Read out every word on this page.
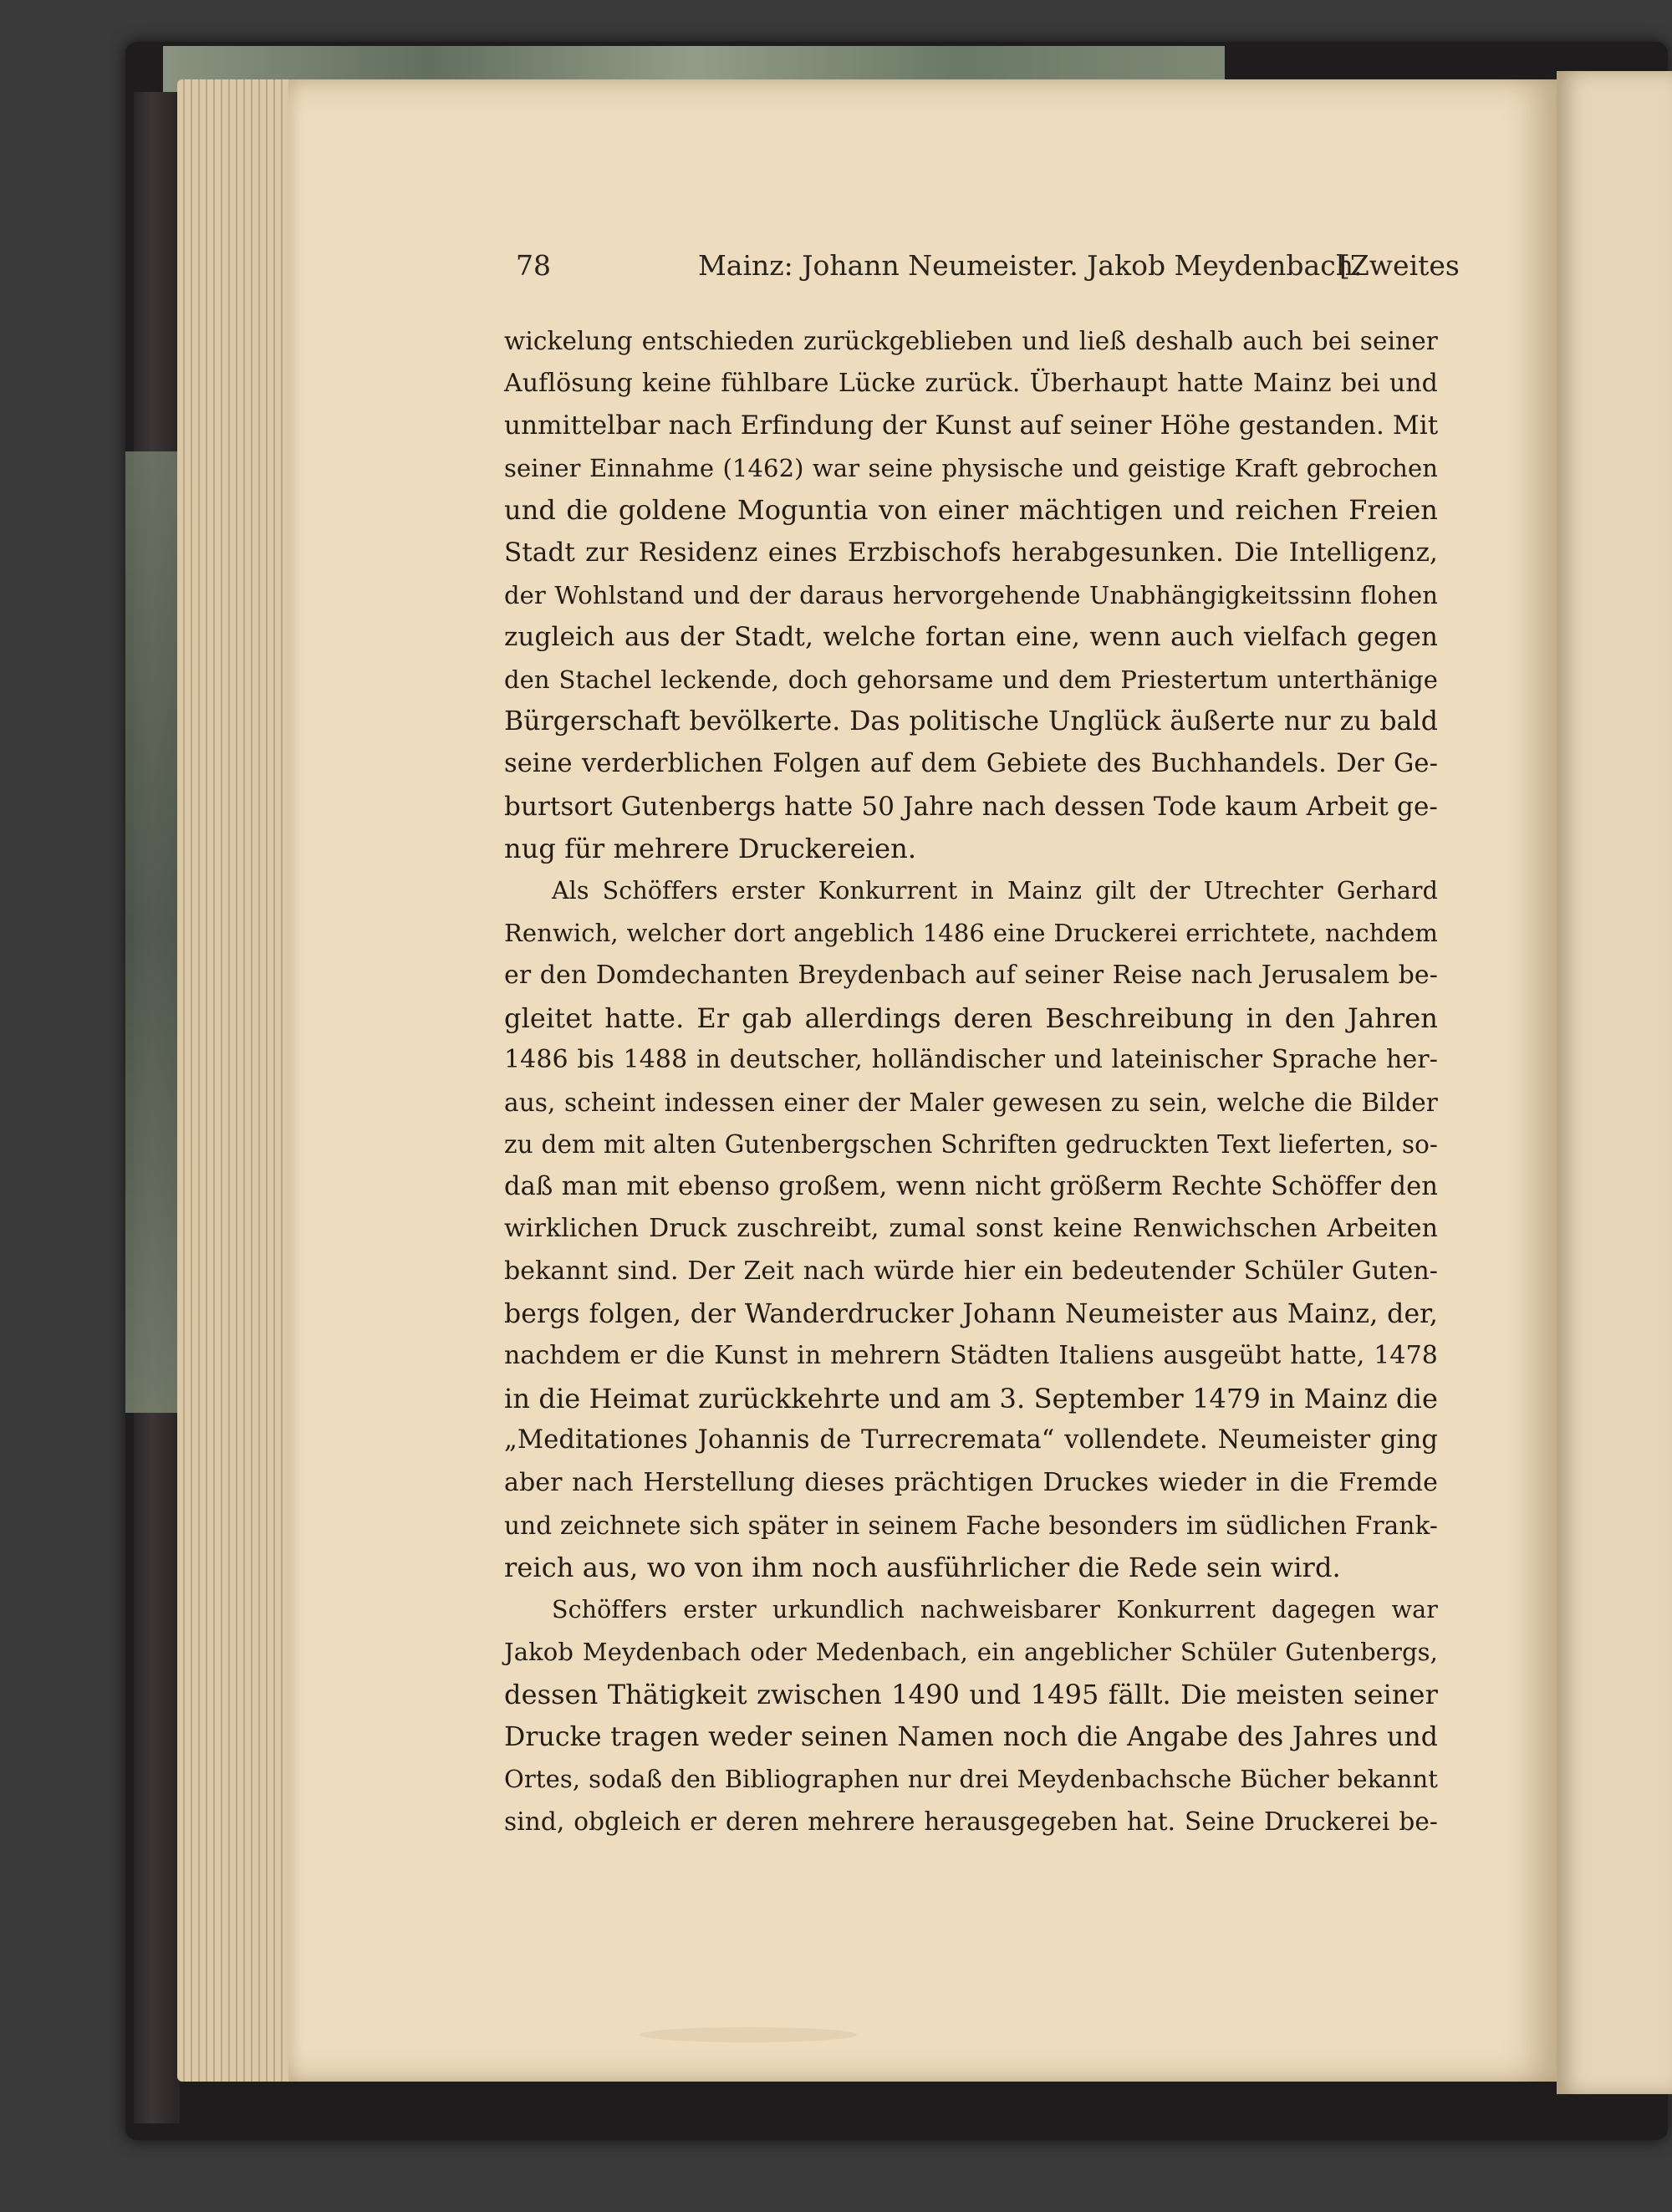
78	Mainz: Johann Neumeister. Jakob Meydenbach.
[Zweites
wickelung entschieden zurückgeblieben und ließ deshalb auch bei seiner
Auflösung keine fühlbare Lücke zurück. Überhaupt hatte Mainz bei und
unmittelbar nach Erfindung der Kunst auf seiner Höhe gestanden. Mit
seiner Einnahme (1462) war seine physische und geistige Kraft gebrochen
und die goldene Moguntia von einer mächtigen und reichen Freien
Stadt zur Residenz eines Erzbischofs herabgesunken. Die Intelligenz,
der Wohlstand und der daraus hervorgehende Unabhängigkeitssinn flohen
zugleich aus der Stadt, welche fortan eine, wenn auch vielfach gegen
den Stachel leckende, doch gehorsame und dem Priestertum unterthänige
Bürgerschaft bevölkerte. Das politische Unglück äußerte nur zu bald
seine verderblichen Folgen auf dem Gebiete des Buchhandels. Der Ge-
burtsort Gutenbergs hatte 50 Jahre nach dessen Tode kaum Arbeit ge-
nug für mehrere Druckereien.
Als Schöffers erster Konkurrent in Mainz gilt der Utrechter Gerhard
Renwich, welcher dort angeblich 1486 eine Druckerei errichtete, nachdem
er den Domdechanten Breydenbach auf seiner Reise nach Jerusalem be-
gleitet hatte. Er gab allerdings deren Beschreibung in den Jahren
1486 bis 1488 in deutscher, holländischer und lateinischer Sprache her-
aus, scheint indessen einer der Maler gewesen zu sein, welche die Bilder
zu dem mit alten Gutenbergschen Schriften gedruckten Text lieferten, so-
daß man mit ebenso großem, wenn nicht größerm Rechte Schöffer den
wirklichen Druck zuschreibt, zumal sonst keine Renwichschen Arbeiten
bekannt sind. Der Zeit nach würde hier ein bedeutender Schüler Guten-
bergs folgen, der Wanderdrucker Johann Neumeister aus Mainz, der,
nachdem er die Kunst in mehrern Städten Italiens ausgeübt hatte, 1478
in die Heimat zurückkehrte und am 3. September 1479 in Mainz die
„Meditationes Johannis de Turrecremata“ vollendete. Neumeister ging
aber nach Herstellung dieses prächtigen Druckes wieder in die Fremde
und zeichnete sich später in seinem Fache besonders im südlichen Frank-
reich aus, wo von ihm noch ausführlicher die Rede sein wird.
Schöffers erster urkundlich nachweisbarer Konkurrent dagegen war
Jakob Meydenbach oder Medenbach, ein angeblicher Schüler Gutenbergs,
dessen Thätigkeit zwischen 1490 und 1495 fällt. Die meisten seiner
Drucke tragen weder seinen Namen noch die Angabe des Jahres und
Ortes, sodaß den Bibliographen nur drei Meydenbachsche Bücher bekannt
sind, obgleich er deren mehrere herausgegeben hat. Seine Druckerei be-
